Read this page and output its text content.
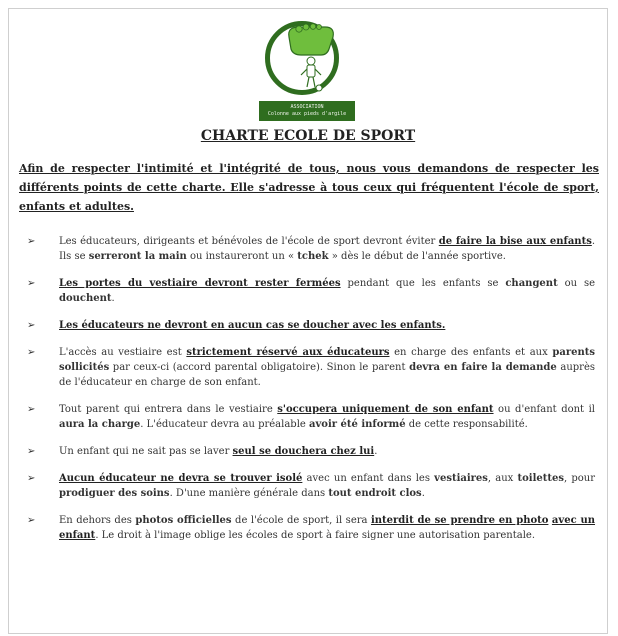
ASSOCIATION
Colonne aux pieds d'argile
CHARTE ECOLE DE SPORT
Afin de respecter l'intimité et l'intégrité de tous, nous vous demandons de respecter les différents points de cette charte. Elle s'adresse à tous ceux qui fréquentent l'école de sport, enfants et adultes.
➢ Les éducateurs, dirigeants et bénévoles de l'école de sport devront éviter de faire la bise aux enfants. Ils se serreront la main ou instaureront un « tchek » dès le début de l'année sportive.
➢ Les portes du vestiaire devront rester fermées pendant que les enfants se changent ou se douchent.
➢ Les éducateurs ne devront en aucun cas se doucher avec les enfants.
➢ L'accès au vestiaire est strictement réservé aux éducateurs en charge des enfants et aux parents sollicités par ceux-ci (accord parental obligatoire). Sinon le parent devra en faire la demande auprès de l'éducateur en charge de son enfant.
➢ Tout parent qui entrera dans le vestiaire s'occupera uniquement de son enfant ou d'enfant dont il aura la charge. L'éducateur devra au préalable avoir été informé de cette responsabilité.
➢ Un enfant qui ne sait pas se laver seul se douchera chez lui.
➢ Aucun éducateur ne devra se trouver isolé avec un enfant dans les vestiaires, aux toilettes, pour prodiguer des soins. D'une manière générale dans tout endroit clos.
➢ En dehors des photos officielles de l'école de sport, il sera interdit de se prendre en photo avec un enfant. Le droit à l'image oblige les écoles de sport à faire signer une autorisation parentale.
